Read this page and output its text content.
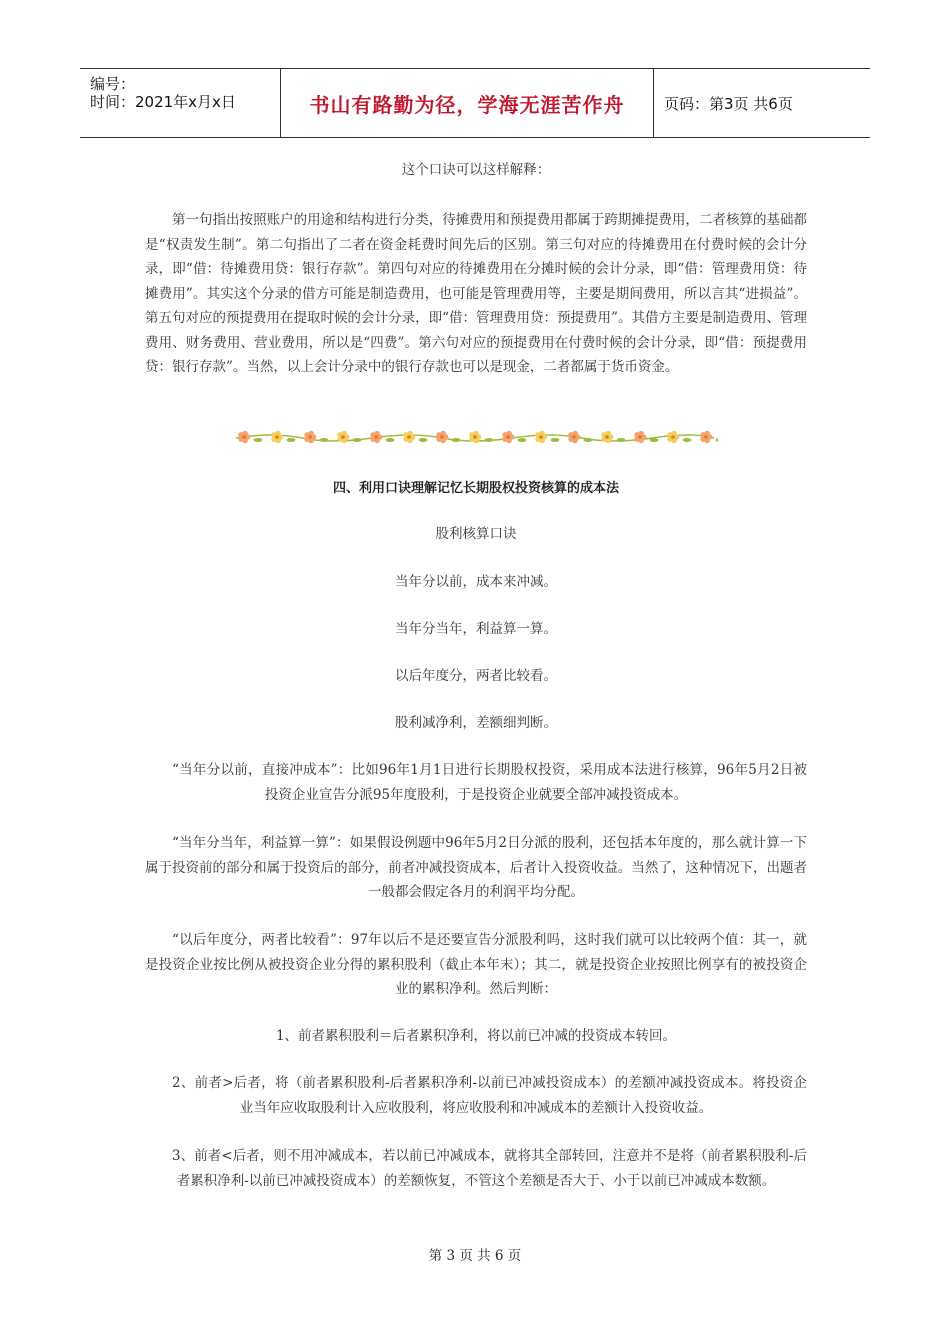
编号：
时间：2021年x月x日	书山有路勤为径，学海无涯苦作舟	页码：第3页 共6页
这个口诀可以这样解释：
第一句指出按照账户的用途和结构进行分类，待摊费用和预提费用都属于跨期摊提费用，二者核算的基础都是“权责发生制”。第二句指出了二者在资金耗费时间先后的区别。第三句对应的待摊费用在付费时候的会计分录，即“借：待摊费用贷：银行存款”。第四句对应的待摊费用在分摊时候的会计分录，即“借：管理费用贷：待摊费用”。其实这个分录的借方可能是制造费用，也可能是管理费用等，主要是期间费用，所以言其“进损益”。第五句对应的预提费用在提取时候的会计分录，即“借：管理费用贷：预提费用”。其借方主要是制造费用、管理费用、财务费用、营业费用，所以是“四费”。第六句对应的预提费用在付费时候的会计分录，即“借：预提费用贷：银行存款”。当然，以上会计分录中的银行存款也可以是现金，二者都属于货币资金。
四、利用口诀理解记忆长期股权投资核算的成本法
股利核算口诀
当年分以前，成本来冲减。
当年分当年，利益算一算。
以后年度分，两者比较看。
股利减净利，差额细判断。
“当年分以前，直接冲成本”：比如96年1月1日进行长期股权投资，采用成本法进行核算，96年5月2日被投资企业宣告分派95年度股利，于是投资企业就要全部冲减投资成本。
“当年分当年，利益算一算”：如果假设例题中96年5月2日分派的股利，还包括本年度的，那么就计算一下属于投资前的部分和属于投资后的部分，前者冲减投资成本，后者计入投资收益。当然了，这种情况下，出题者一般都会假定各月的利润平均分配。
“以后年度分，两者比较看”：97年以后不是还要宣告分派股利吗，这时我们就可以比较两个值：其一，就是投资企业按比例从被投资企业分得的累积股利（截止本年末）；其二，就是投资企业按照比例享有的被投资企业的累积净利。然后判断：
1、前者累积股利＝后者累积净利，将以前已冲减的投资成本转回。
2、前者>后者，将（前者累积股利-后者累积净利-以前已冲减投资成本）的差额冲减投资成本。将投资企业当年应收取股利计入应收股利，将应收股利和冲减成本的差额计入投资收益。
3、前者<后者，则不用冲减成本，若以前已冲减成本，就将其全部转回，注意并不是将（前者累积股利-后者累积净利-以前已冲减投资成本）的差额恢复，不管这个差额是否大于、小于以前已冲减成本数额。
第 3 页 共 6 页
